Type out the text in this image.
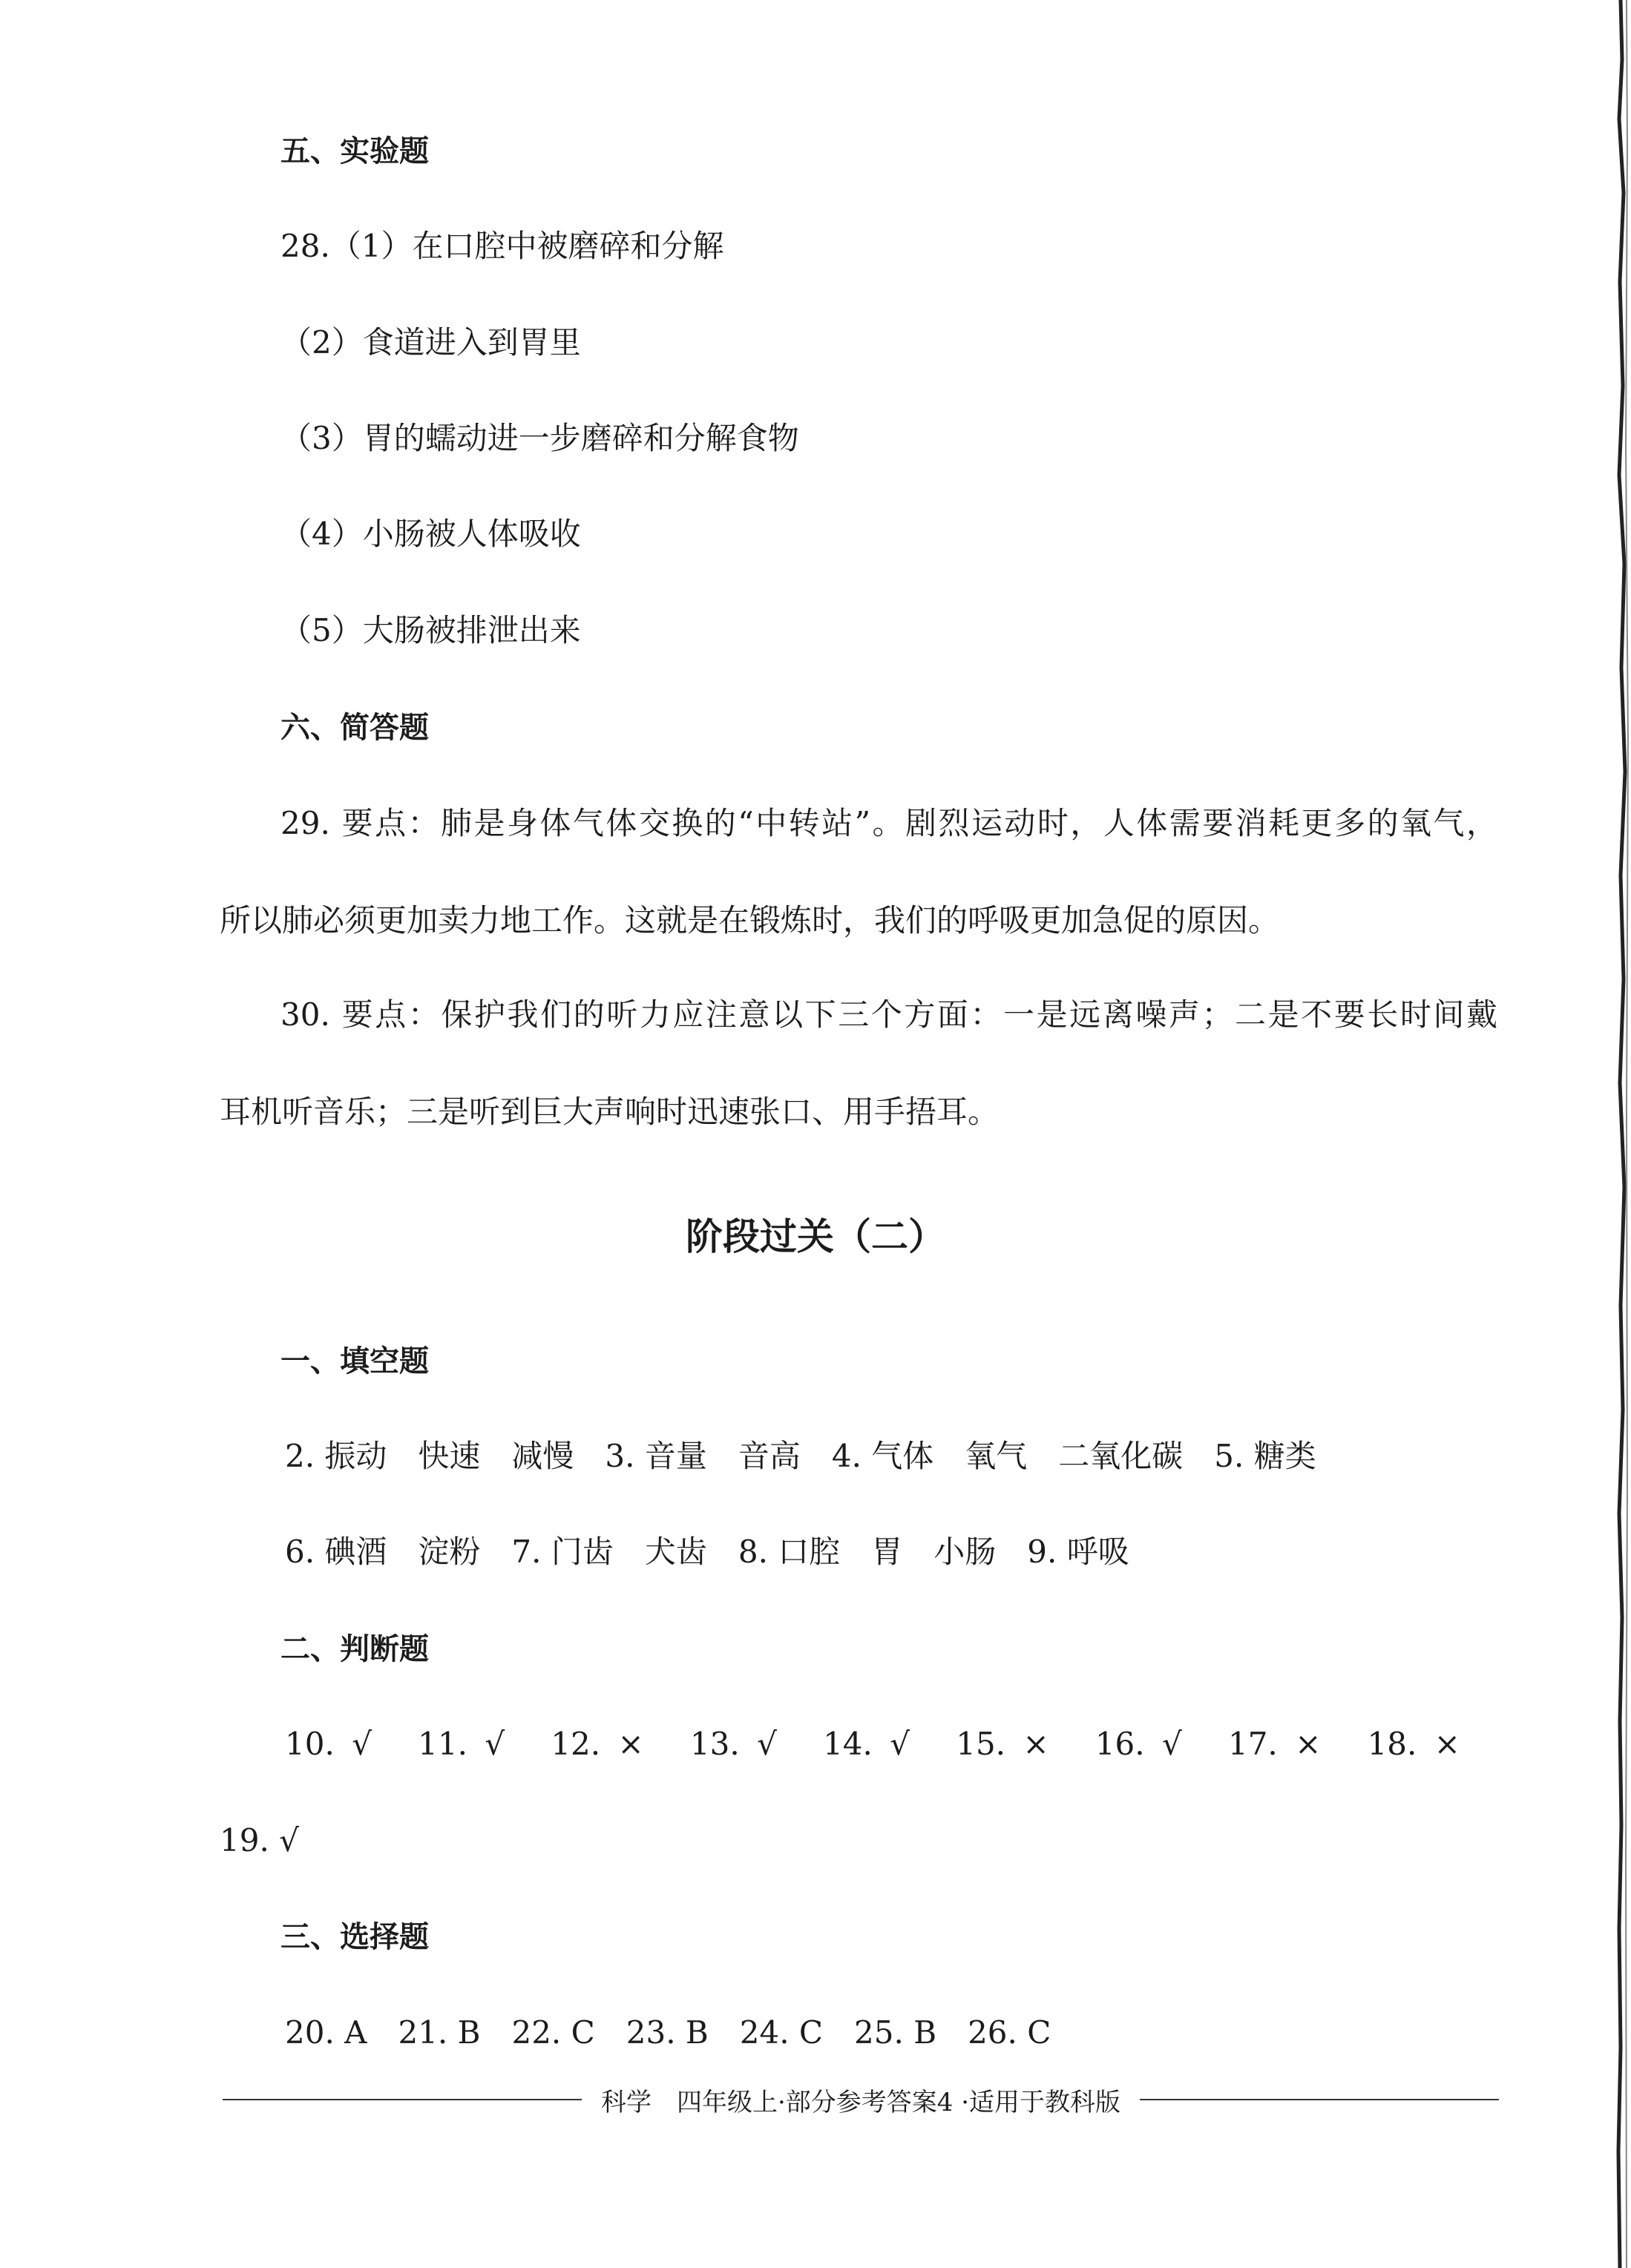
五、实验题
28.（1）在口腔中被磨碎和分解
（2）食道进入到胃里
（3）胃的蠕动进一步磨碎和分解食物
（4）小肠被人体吸收
（5）大肠被排泄出来
六、简答题
29. 要点：肺是身体气体交换的“中转站”。剧烈运动时，人体需要消耗更多的氧气，
所以肺必须更加卖力地工作。这就是在锻炼时，我们的呼吸更加急促的原因。
30. 要点：保护我们的听力应注意以下三个方面：一是远离噪声；二是不要长时间戴
耳机听音乐；三是听到巨大声响时迅速张口、用手捂耳。
阶段过关（二）
一、填空题
2. 振动　快速　减慢　3. 音量　音高　4. 气体　氧气　二氧化碳　5. 糖类
6. 碘酒　淀粉　7. 门齿　犬齿　8. 口腔　胃　小肠　9. 呼吸
二、判断题
10. √　11. √　12. ×　13. √　14. √　15. ×　16. √　17. ×　18. ×
19. √
三、选择题
20. A　21. B　22. C　23. B　24. C　25. B　26. C
科学　四年级上·部分参考答案4 ·适用于教科版
